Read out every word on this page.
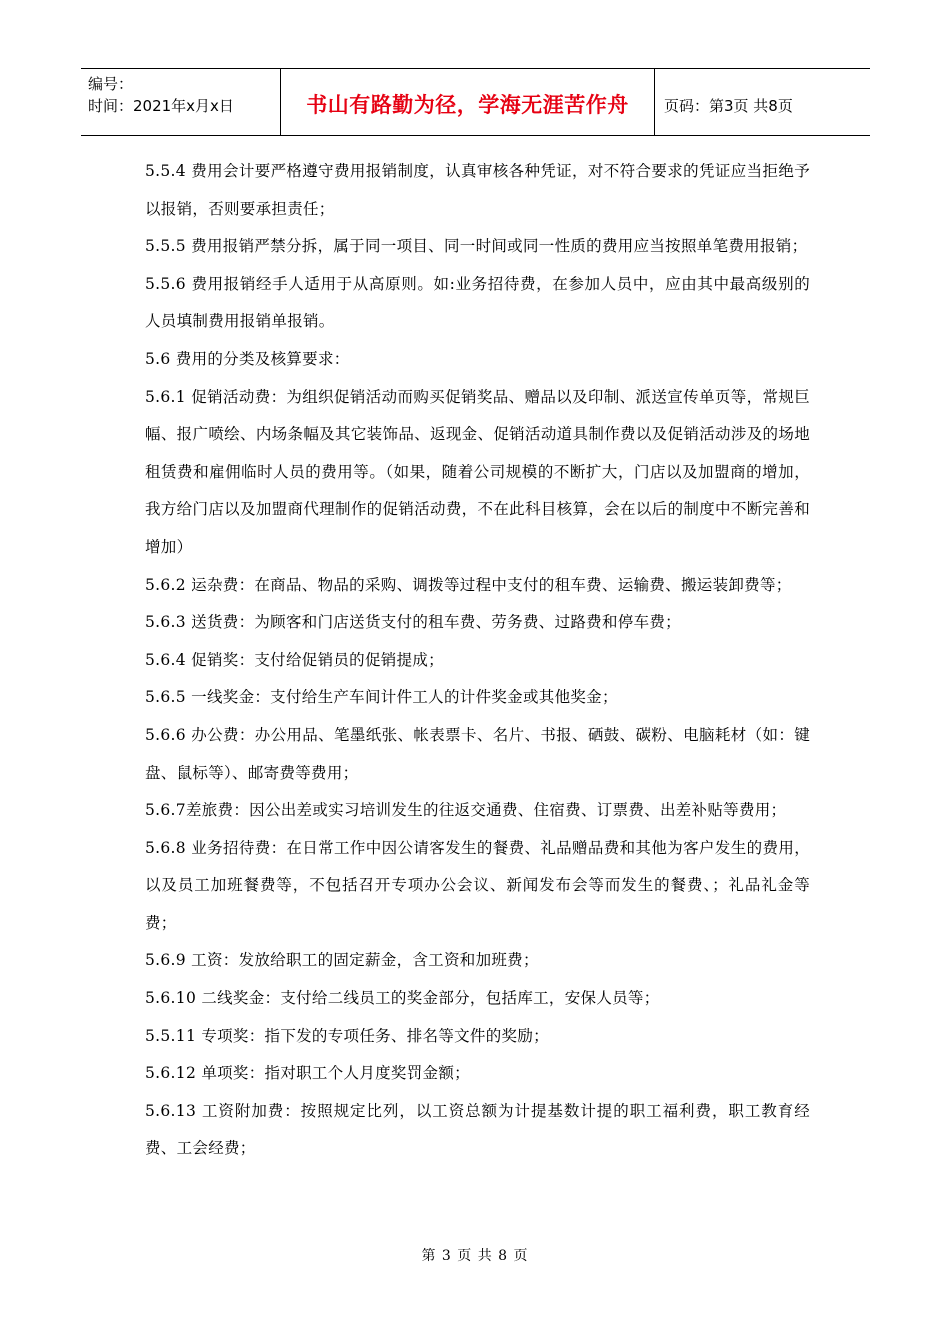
编号：
时间：2021年x月x日	书山有路勤为径，学海无涯苦作舟	页码：第3页 共8页

5.5.4 费用会计要严格遵守费用报销制度，认真审核各种凭证，对不符合要求的凭证应当拒绝予以报销，否则要承担责任；

5.5.5 费用报销严禁分拆，属于同一项目、同一时间或同一性质的费用应当按照单笔费用报销；

5.5.6 费用报销经手人适用于从高原则。如:业务招待费，在参加人员中，应由其中最高级别的人员填制费用报销单报销。

5.6 费用的分类及核算要求：

5.6.1 促销活动费：为组织促销活动而购买促销奖品、赠品以及印制、派送宣传单页等，常规巨幅、报广喷绘、内场条幅及其它装饰品、返现金、促销活动道具制作费以及促销活动涉及的场地租赁费和雇佣临时人员的费用等。（如果，随着公司规模的不断扩大，门店以及加盟商的增加，我方给门店以及加盟商代理制作的促销活动费，不在此科目核算，会在以后的制度中不断完善和增加）

5.6.2 运杂费：在商品、物品的采购、调拨等过程中支付的租车费、运输费、搬运装卸费等；

5.6.3 送货费：为顾客和门店送货支付的租车费、劳务费、过路费和停车费；

5.6.4 促销奖：支付给促销员的促销提成；

5.6.5 一线奖金：支付给生产车间计件工人的计件奖金或其他奖金；

5.6.6 办公费：办公用品、笔墨纸张、帐表票卡、名片、书报、硒鼓、碳粉、电脑耗材（如：键盘、鼠标等）、邮寄费等费用；

5.6.7差旅费：因公出差或实习培训发生的往返交通费、住宿费、订票费、出差补贴等费用；

5.6.8 业务招待费：在日常工作中因公请客发生的餐费、礼品赠品费和其他为客户发生的费用，以及员工加班餐费等，不包括召开专项办公会议、新闻发布会等而发生的餐费、；礼品礼金等费；

5.6.9 工资：发放给职工的固定薪金，含工资和加班费；

5.6.10 二线奖金：支付给二线员工的奖金部分，包括库工，安保人员等；

5.5.11 专项奖：指下发的专项任务、排名等文件的奖励；

5.6.12 单项奖：指对职工个人月度奖罚金额；

5.6.13 工资附加费：按照规定比列，以工资总额为计提基数计提的职工福利费，职工教育经费、工会经费；

第 3 页 共 8 页
